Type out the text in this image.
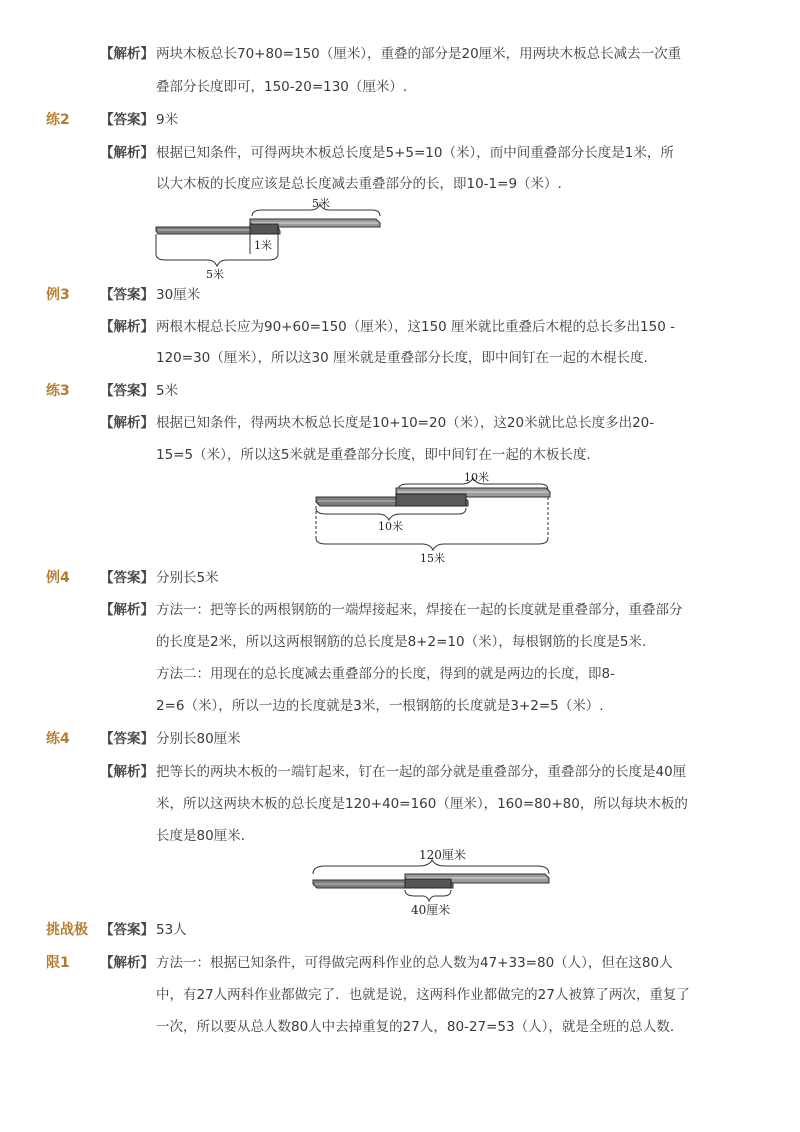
【解析】 两块木板总长70+80=150（厘米），重叠的部分是20厘米，用两块木板总长减去一次重
叠部分长度即可，150-20=130（厘米）.
练2 【答案】 9米
【解析】 根据已知条件，可得两块木板总长度是5+5=10（米），而中间重叠部分长度是1米，所
以大木板的长度应该是总长度减去重叠部分的长，即10-1=9（米）.
5米
1米
5米
例3 【答案】 30厘米
【解析】 两根木棍总长应为90+60=150（厘米），这150 厘米就比重叠后木棍的总长多出150 -
120=30（厘米），所以这30 厘米就是重叠部分长度，即中间钉在一起的木棍长度.
练3 【答案】 5米
【解析】 根据已知条件，得两块木板总长度是10+10=20（米），这20米就比总长度多出20-
15=5（米），所以这5米就是重叠部分长度，即中间钉在一起的木板长度.
10米
10米
15米
例4 【答案】 分别长5米
【解析】 方法一：把等长的两根钢筋的一端焊接起来，焊接在一起的长度就是重叠部分，重叠部分
的长度是2米，所以这两根钢筋的总长度是8+2=10（米），每根钢筋的长度是5米.
方法二：用现在的总长度减去重叠部分的长度，得到的就是两边的长度，即8-
2=6（米），所以一边的长度就是3米，一根钢筋的长度就是3+2=5（米）.
练4 【答案】 分别长80厘米
【解析】 把等长的两块木板的一端钉起来，钉在一起的部分就是重叠部分，重叠部分的长度是40厘
米，所以这两块木板的总长度是120+40=160（厘米），160=80+80，所以每块木板的
长度是80厘米.
120厘米
40厘米
挑战极
限1
【答案】 53人
【解析】 方法一：根据已知条件，可得做完两科作业的总人数为47+33=80（人），但在这80人
中，有27人两科作业都做完了．也就是说，这两科作业都做完的27人被算了两次，重复了
一次，所以要从总人数80人中去掉重复的27人，80-27=53（人），就是全班的总人数.
